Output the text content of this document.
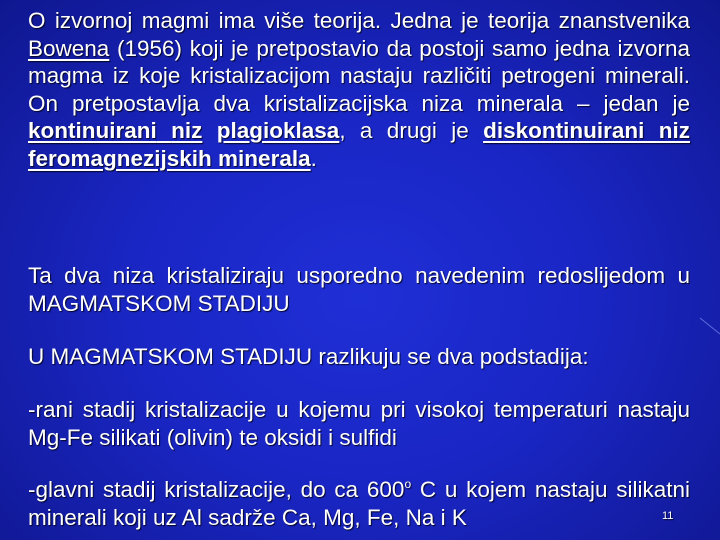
O izvornoj magmi ima više teorija. Jedna je teorija znanstvenika Bowena (1956) koji je pretpostavio da postoji samo jedna izvorna magma iz koje kristalizacijom nastaju različiti petrogeni minerali. On pretpostavlja dva kristalizacijska niza minerala – jedan je kontinuirani niz plagioklasa, a drugi je diskontinuirani niz feromagnezijskih minerala.

Ta dva niza kristaliziraju usporedno navedenim redoslijedom u MAGMATSKOM STADIJU

U MAGMATSKOM STADIJU razlikuju se dva podstadija:

-rani stadij kristalizacije u kojemu pri visokoj temperaturi nastaju Mg-Fe silikati (olivin) te oksidi i sulfidi

-glavni stadij kristalizacije, do ca 600$^o$ C u kojem nastaju silikatni minerali koji uz Al sadrže Ca, Mg, Fe, Na i K	11
